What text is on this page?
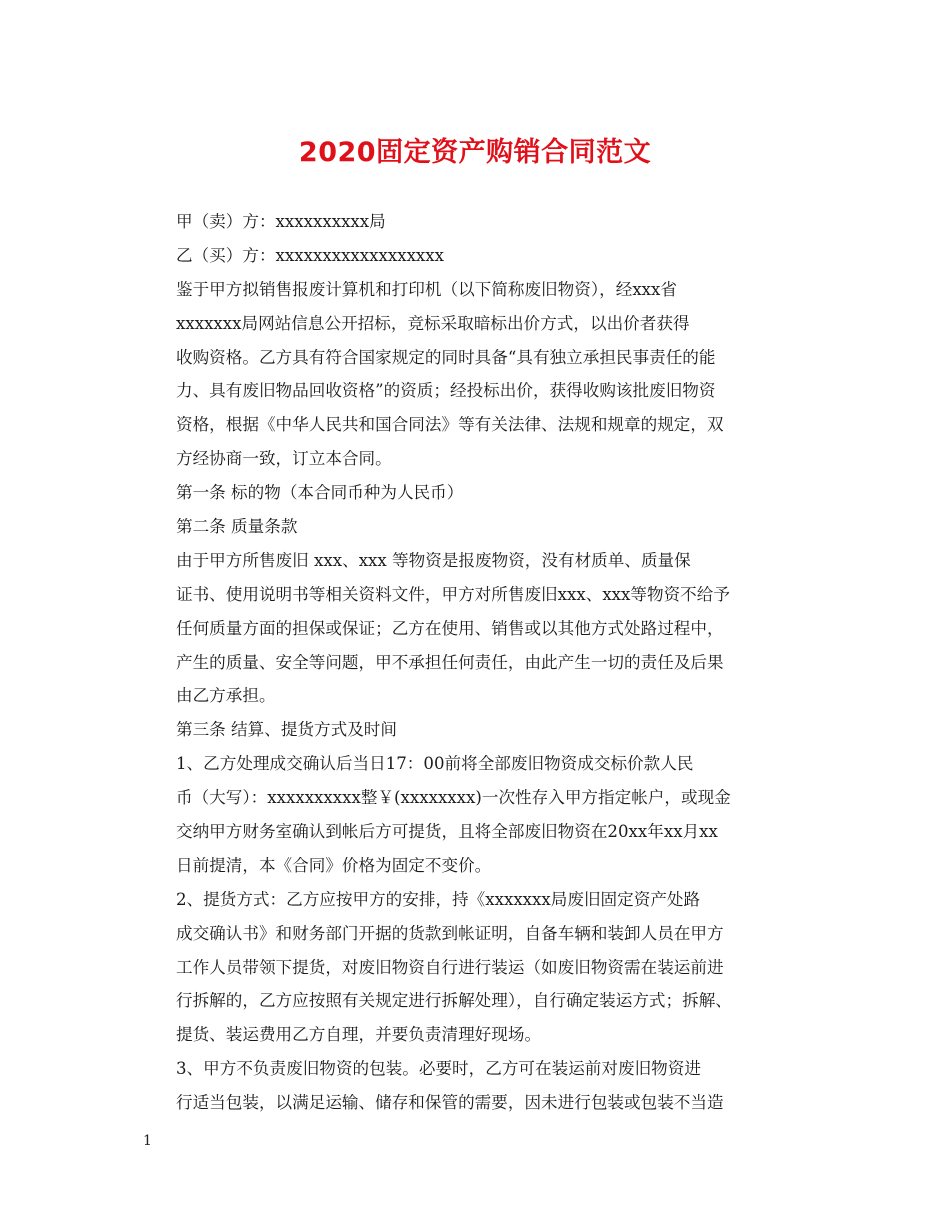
2020固定资产购销合同范文
甲（卖）方：xxxxxxxxxx局
乙（买）方：xxxxxxxxxxxxxxxxxx
鉴于甲方拟销售报废计算机和打印机（以下简称废旧物资），经xxx省
xxxxxxx局网站信息公开招标，竞标采取暗标出价方式，以出价者获得
收购资格。乙方具有符合国家规定的同时具备“具有独立承担民事责任的能
力、具有废旧物品回收资格”的资质；经投标出价，获得收购该批废旧物资
资格，根据《中华人民共和国合同法》等有关法律、法规和规章的规定，双
方经协商一致，订立本合同。
第一条 标的物（本合同币种为人民币）
第二条 质量条款
由于甲方所售废旧 xxx、xxx 等物资是报废物资，没有材质单、质量保
证书、使用说明书等相关资料文件，甲方对所售废旧xxx、xxx等物资不给予
任何质量方面的担保或保证；乙方在使用、销售或以其他方式处路过程中，
产生的质量、安全等问题，甲不承担任何责任，由此产生一切的责任及后果
由乙方承担。
第三条 结算、提货方式及时间
1、乙方处理成交确认后当日17：00前将全部废旧物资成交标价款人民
币（大写）：xxxxxxxxxx整￥(xxxxxxxx)一次性存入甲方指定帐户，或现金
交纳甲方财务室确认到帐后方可提货，且将全部废旧物资在20xx年xx月xx
日前提清，本《合同》价格为固定不变价。
2、提货方式：乙方应按甲方的安排，持《xxxxxxx局废旧固定资产处路
成交确认书》和财务部门开据的货款到帐证明，自备车辆和装卸人员在甲方
工作人员带领下提货，对废旧物资自行进行装运（如废旧物资需在装运前进
行拆解的，乙方应按照有关规定进行拆解处理），自行确定装运方式；拆解、
提货、装运费用乙方自理，并要负责清理好现场。
3、甲方不负责废旧物资的包装。必要时，乙方可在装运前对废旧物资进
行适当包装，以满足运输、储存和保管的需要，因未进行包装或包装不当造
1
